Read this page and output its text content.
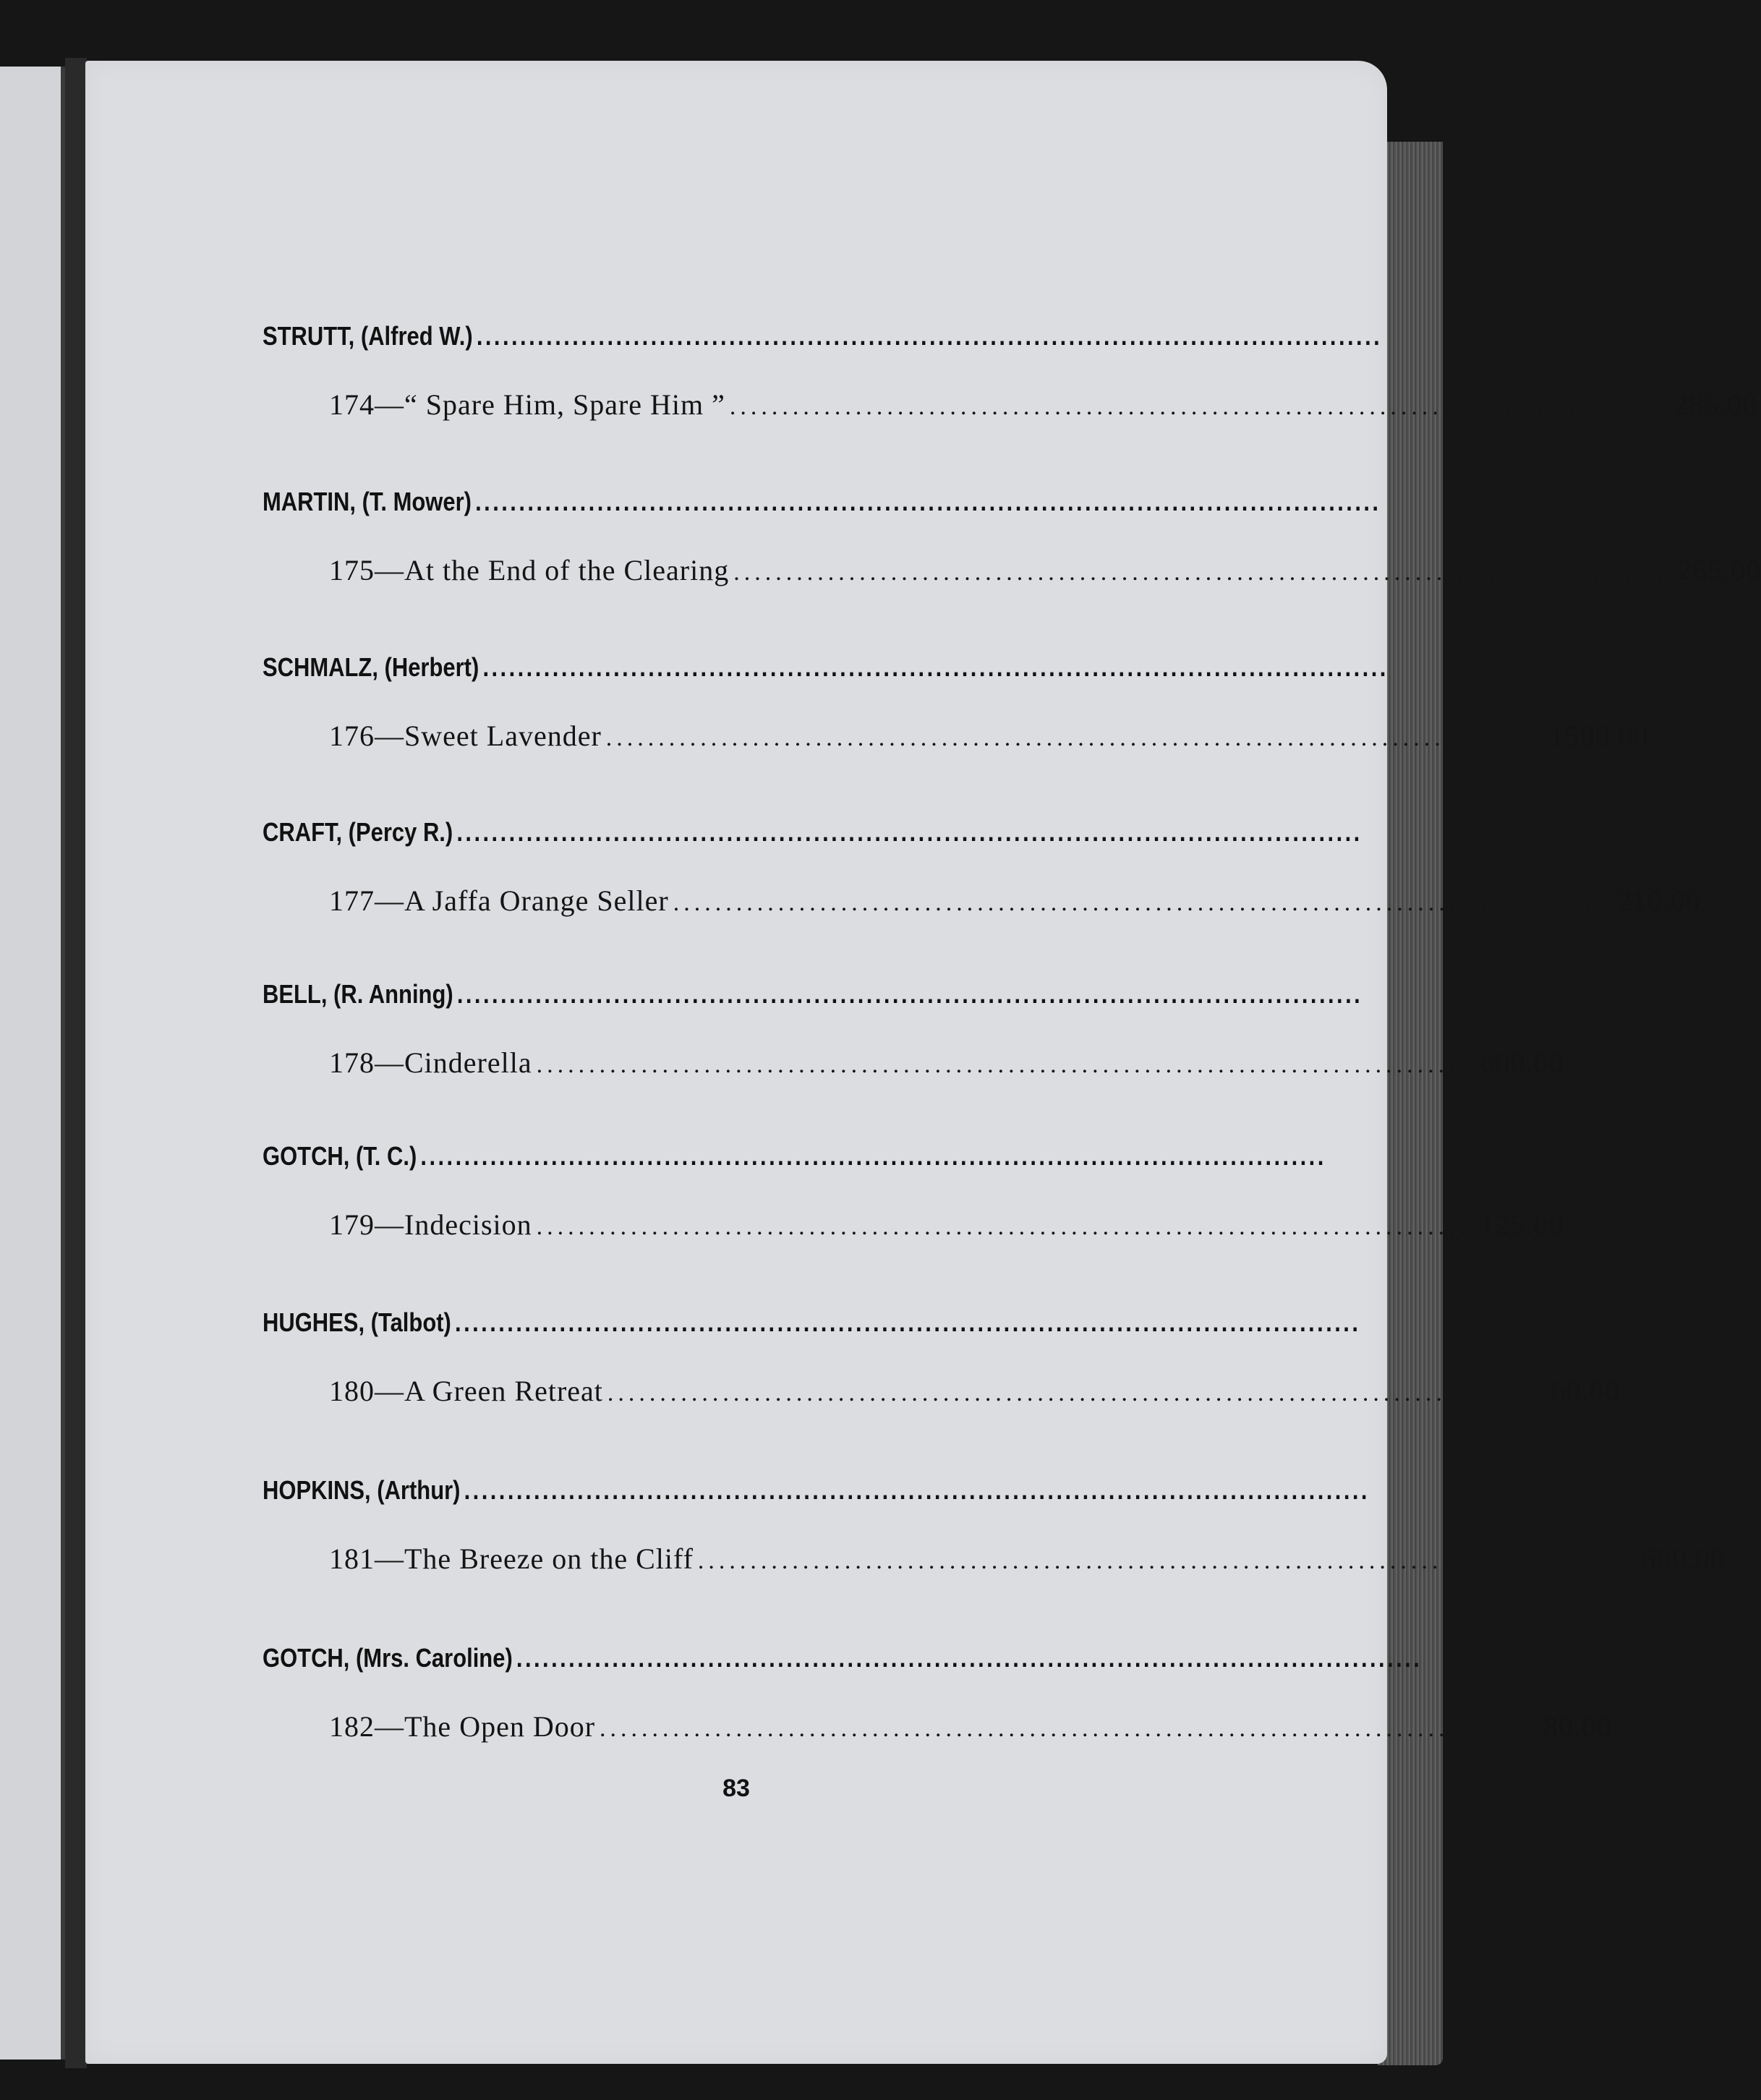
STRUTT, (Alfred W.) ........................................................................................................
174—“ Spare Him, Spare Him ” .......................................................................................... 285.00
MARTIN, (T. Mower) ........................................................................................................
175—At the End of the Clearing .......................................................................................... 265.00
SCHMALZ, (Herbert) ........................................................................................................
176—Sweet Lavender .......................................................................................... 1500.00
CRAFT, (Percy R.) ........................................................................................................
177—A Jaffa Orange Seller .......................................................................................... 210.00
BELL, (R. Anning) ........................................................................................................
178—Cinderella .......................................................................................... 600.00
GOTCH, (T. C.) ........................................................................................................
179—Indecision .......................................................................................... 125.00
HUGHES, (Talbot) ........................................................................................................
180—A Green Retreat .......................................................................................... 60.00
HOPKINS, (Arthur) ........................................................................................................
181—The Breeze on the Cliff .......................................................................................... 600.00
GOTCH, (Mrs. Caroline) ........................................................................................................
182—The Open Door .......................................................................................... 80.00
83
